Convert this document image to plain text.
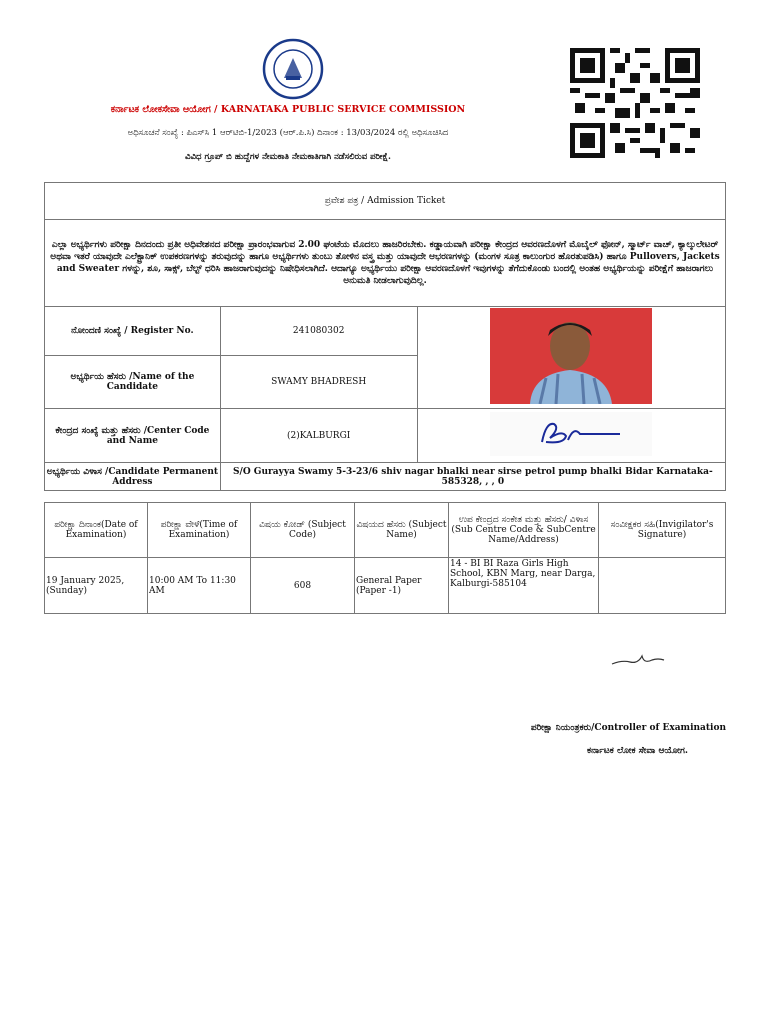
ಕರ್ನಾಟಕ ಲೋಕಸೇವಾ ಆಯೋಗ / KARNATAKA PUBLIC SERVICE COMMISSION
ಅಧಿಸೂಚನೆ ಸಂಖ್ಯೆ : ಪಿಎಸ್‌ಸಿ 1 ಆರ್‌ಟಿಬಿ-1/2023 (ಆರ್.ಪಿ.ಸಿ) ದಿನಾಂಕ : 13/03/2024 ರಲ್ಲಿ ಅಧಿಸೂಚಿಸಿದ
ವಿವಿಧ ಗ್ರೂಪ್ ಬಿ ಹುದ್ದೆಗಳ ನೇಮಕಾತಿ ನೇಮಕಾತಿಗಾಗಿ ನಡೆಸಲಿರುವ ಪರೀಕ್ಷೆ.
ಪ್ರವೇಶ ಪತ್ರ / Admission Ticket		
ಎಲ್ಲಾ ಅಭ್ಯರ್ಥಿಗಳು ಪರೀಕ್ಷಾ ದಿನದಂದು ಪ್ರತೀ ಅಧಿವೇಶನದ ಪರೀಕ್ಷಾ ಪ್ರಾರಂಭವಾಗುವ 2.00 ಘಂಟೆಯ ಮೊದಲು ಹಾಜರಿರಬೇಕು. ಕಡ್ಡಾಯವಾಗಿ ಪರೀಕ್ಷಾ ಕೇಂದ್ರದ ಆವರಣದೊಳಗೆ ಮೊಬೈಲ್ ಫೋನ್, ಸ್ಮಾರ್ಟ್ ವಾಚ್, ಕ್ಯಾಲ್ಕುಲೇಟರ್ ಅಥವಾ ಇತರೆ ಯಾವುದೇ ಎಲೆಕ್ಟ್ರಾನಿಕ್ ಉಪಕರಣಗಳನ್ನು ತರುವುದನ್ನು ಹಾಗೂ ಅಭ್ಯರ್ಥಿಗಳು ತುಂಬು ತೋಳಿನ ವಸ್ತ್ರ ಮತ್ತು ಯಾವುದೇ ಆಭರಣಗಳನ್ನು (ಮಂಗಳ ಸೂತ್ರ ಕಾಲುಂಗುರ ಹೊರತುಪಡಿಸಿ) ಹಾಗೂ Pullovers, Jackets and Sweater ಗಳನ್ನು, ಶೂ, ಸಾಕ್ಸ್, ಬೆಲ್ಟ್ ಧರಿಸಿ ಹಾಜರಾಗುವುದನ್ನು ನಿಷೇಧಿಸಲಾಗಿದೆ. ಆದಾಗ್ಯೂ ಅಭ್ಯರ್ಥಿಯು ಪರೀಕ್ಷಾ ಆವರಣದೊಳಗೆ ಇವುಗಳನ್ನು ತೆಗೆದುಕೊಂಡು ಬಂದಲ್ಲಿ ಅಂತಹ ಅಭ್ಯರ್ಥಿಯನ್ನು ಪರೀಕ್ಷೆಗೆ ಹಾಜರಾಗಲು ಅನುಮತಿ ನೀಡಲಾಗುವುದಿಲ್ಲ.		
ನೋಂದಣಿ ಸಂಖ್ಯೆ / Register No.	241080302	
ಅಭ್ಯರ್ಥಿಯ ಹೆಸರು /Name of the Candidate	SWAMY BHADRESH	
ಕೇಂದ್ರದ ಸಂಖ್ಯೆ ಮತ್ತು ಹೆಸರು /Center Code and Name	(2)KALBURGI	
ಅಭ್ಯರ್ಥಿಯ ವಿಳಾಸ /Candidate Permanent Address	S/O Gurayya Swamy 5-3-23/6 shiv nagar bhalki near sirse petrol pump bhalki Bidar Karnataka-585328, , , 0	
ಪರೀಕ್ಷಾ ದಿನಾಂಕ(Date of Examination)	ಪರೀಕ್ಷಾ ವೇಳೆ(Time of Examination)	ವಿಷಯ ಕೋಡ್ (Subject Code)	ವಿಷಯದ ಹೆಸರು (Subject Name)	ಉಪ ಕೇಂದ್ರದ ಸಂಕೇತ ಮತ್ತು ಹೆಸರು/ ವಿಳಾಸ (Sub Centre Code & SubCentre Name/Address)	ಸಂವೀಕ್ಷಕರ ಸಹಿ(Invigilator's Signature)
19 January 2025, (Sunday)	10:00 AM To 11:30 AM	608	General Paper (Paper -1)	14 - BI BI Raza Girls High School, KBN Marg, near Darga, Kalburgi-585104	
ಪರೀಕ್ಷಾ ನಿಯಂತ್ರಕರು/Controller of Examination
ಕರ್ನಾಟಕ ಲೋಕ ಸೇವಾ ಆಯೋಗ.
